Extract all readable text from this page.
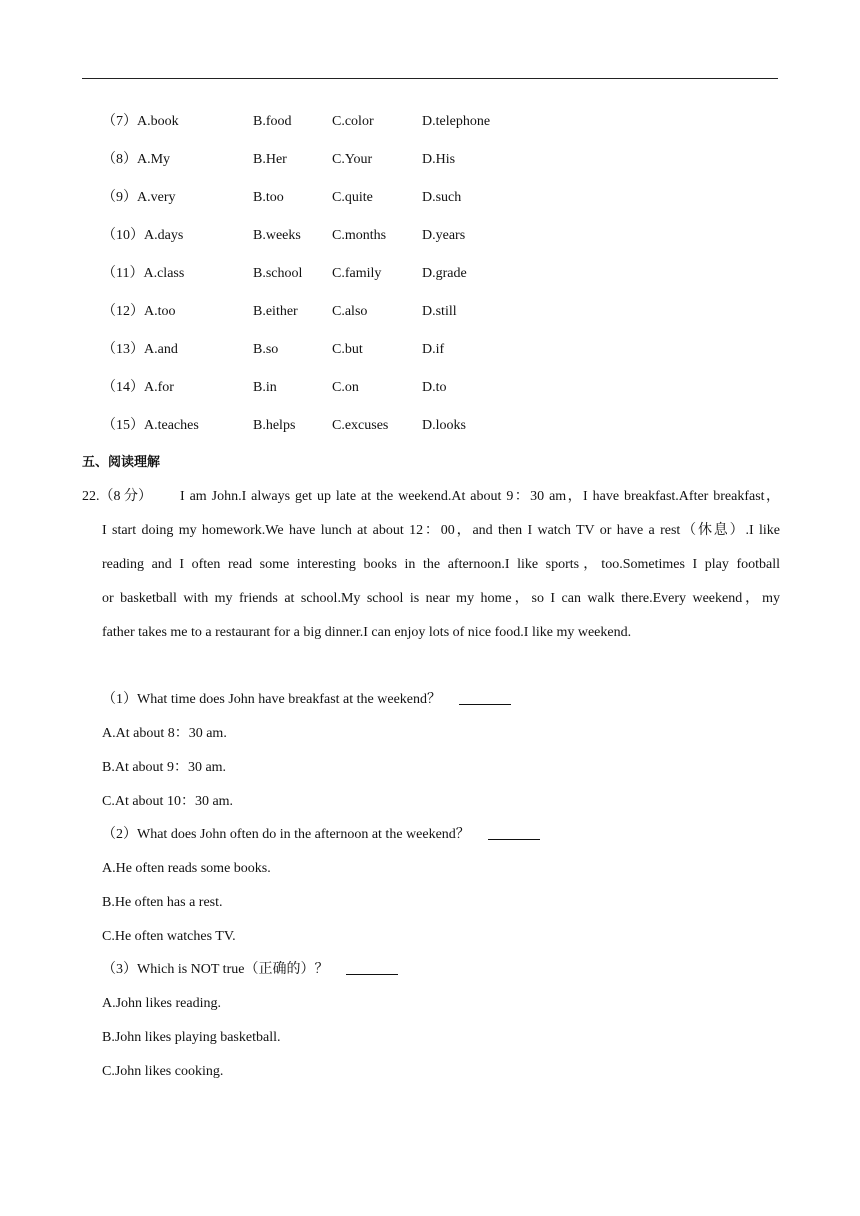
（7）A.book	B.food	C.color	D.telephone
（8）A.My	B.Her	C.Your	D.His
（9）A.very	B.too	C.quite	D.such
（10）A.days	B.weeks C.months	D.years
（11）A.class	B.school C.family	D.grade
（12）A.too	B.either C.also	D.still
（13）A.and	B.so	C.but	D.if
（14）A.for	B.in	C.on	D.to
（15）A.teaches	B.helps	C.excuses D.looks
五、阅读理解
22.（8 分）	I am John.I always get up late at the weekend.At about 9：30 am，I have breakfast.After breakfast，
I start doing my homework.We have lunch at about 12：00，and then I watch TV or have a rest（休息）.I like
reading and I often read some interesting books in the afternoon.I like sports，too.Sometimes I play football
or basketball with my friends at school.My school is near my home，so I can walk there.Every weekend，my
father takes me to a restaurant for a big dinner.I can enjoy lots of nice food.I like my weekend.
（1）What time does John have breakfast at the weekend？
A.At about 8：30 am.
B.At about 9：30 am.
C.At about 10：30 am.
（2）What does John often do in the afternoon at the weekend？
A.He often reads some books.
B.He often has a rest.
C.He often watches TV.
（3）Which is NOT true（正确的）？
A.John likes reading.
B.John likes playing basketball.
C.John likes cooking.
